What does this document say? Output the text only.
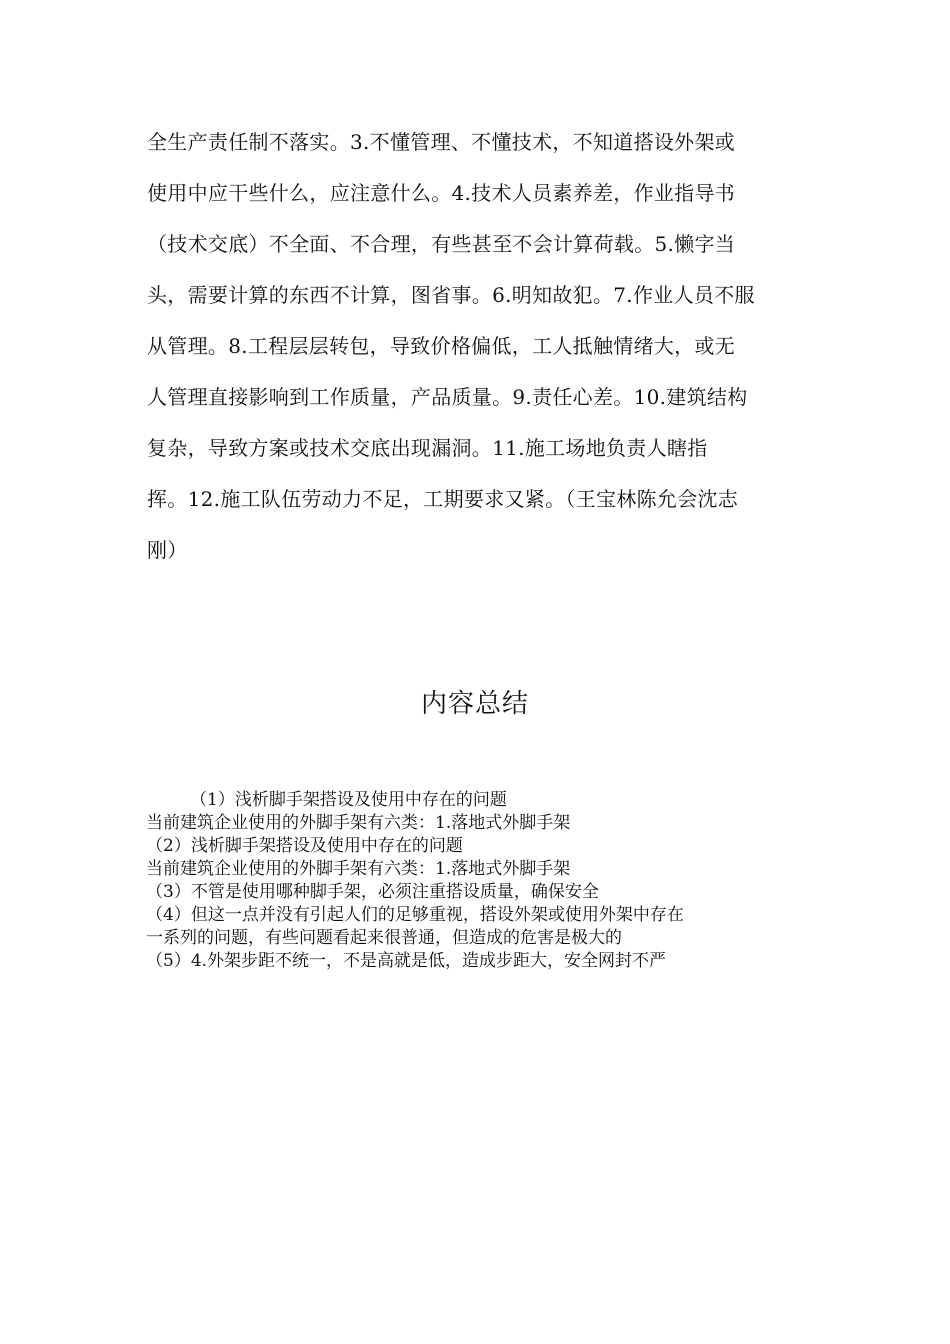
全生产责任制不落实。3.不懂管理、不懂技术，不知道搭设外架或
使用中应干些什么，应注意什么。4.技术人员素养差，作业指导书
（技术交底）不全面、不合理，有些甚至不会计算荷载。5.懒字当
头，需要计算的东西不计算，图省事。6.明知故犯。7.作业人员不服
从管理。8.工程层层转包，导致价格偏低，工人抵触情绪大，或无
人管理直接影响到工作质量，产品质量。9.责任心差。10.建筑结构
复杂，导致方案或技术交底出现漏洞。11.施工场地负责人瞎指
挥。12.施工队伍劳动力不足，工期要求又紧。（王宝林陈允会沈志
刚）
内容总结
（1）浅析脚手架搭设及使用中存在的问题
当前建筑企业使用的外脚手架有六类：1.落地式外脚手架
（2）浅析脚手架搭设及使用中存在的问题
当前建筑企业使用的外脚手架有六类：1.落地式外脚手架
（3）不管是使用哪种脚手架，必须注重搭设质量，确保安全
（4）但这一点并没有引起人们的足够重视，搭设外架或使用外架中存在
一系列的问题，有些问题看起来很普通，但造成的危害是极大的
（5）4.外架步距不统一，不是高就是低，造成步距大，安全网封不严
